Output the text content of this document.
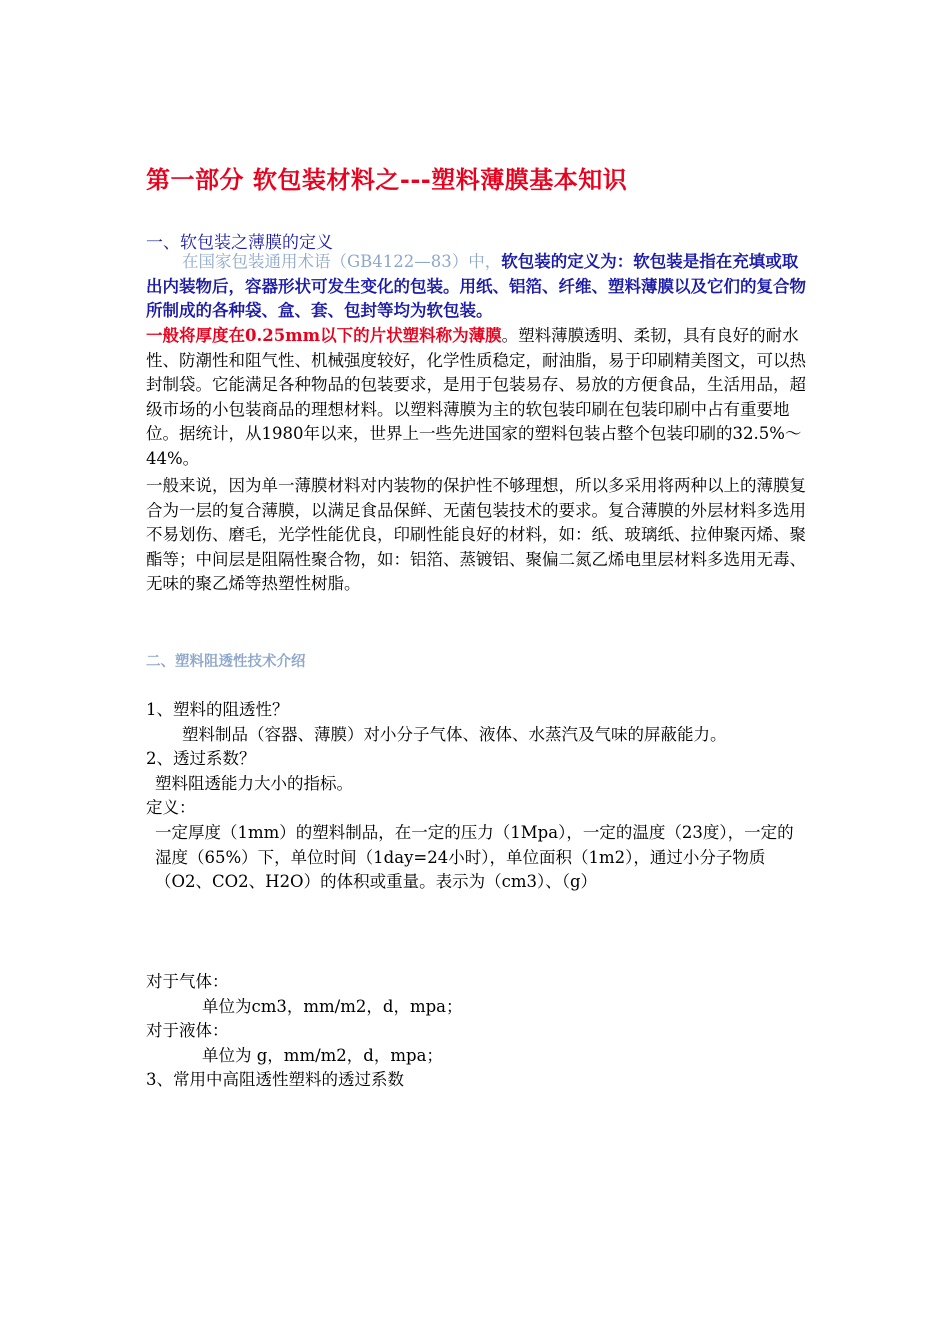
第一部分 软包装材料之---塑料薄膜基本知识
一、软包装之薄膜的定义

在国家包装通用术语（GB4122—83）中，软包装的定义为：软包装是指在充填或取出内装物后，容器形状可发生变化的包装。用纸、铝箔、纤维、塑料薄膜以及它们的复合物所制成的各种袋、盒、套、包封等均为软包装。

一般将厚度在0.25mm以下的片状塑料称为薄膜。塑料薄膜透明、柔韧，具有良好的耐水性、防潮性和阻气性、机械强度较好，化学性质稳定，耐油脂，易于印刷精美图文，可以热封制袋。它能满足各种物品的包装要求，是用于包装易存、易放的方便食品，生活用品，超级市场的小包装商品的理想材料。以塑料薄膜为主的软包装印刷在包装印刷中占有重要地位。据统计，从1980年以来，世界上一些先进国家的塑料包装占整个包装印刷的32.5%～44%。

一般来说，因为单一薄膜材料对内装物的保护性不够理想，所以多采用将两种以上的薄膜复合为一层的复合薄膜，以满足食品保鲜、无菌包装技术的要求。复合薄膜的外层材料多选用不易划伤、磨毛，光学性能优良，印刷性能良好的材料，如：纸、玻璃纸、拉伸聚丙烯、聚酯等；中间层是阻隔性聚合物，如：铝箔、蒸镀铝、聚偏二氮乙烯电里层材料多选用无毒、无味的聚乙烯等热塑性树脂。

二、塑料阻透性技术介绍
1、塑料的阻透性？
塑料制品（容器、薄膜）对小分子气体、液体、水蒸汽及气味的屏蔽能力。
2、透过系数？
塑料阻透能力大小的指标。
定义：
一定厚度（1mm）的塑料制品，在一定的压力（1Mpa），一定的温度（23度），一定的湿度（65%）下，单位时间（1day=24小时），单位面积（1m2），通过小分子物质（O2、CO2、H2O）的体积或重量。表示为（cm3）、（g）
对于气体：
单位为cm3，mm/m2，d，mpa；
对于液体：
单位为 g，mm/m2，d，mpa；
3、常用中高阻透性塑料的透过系数
